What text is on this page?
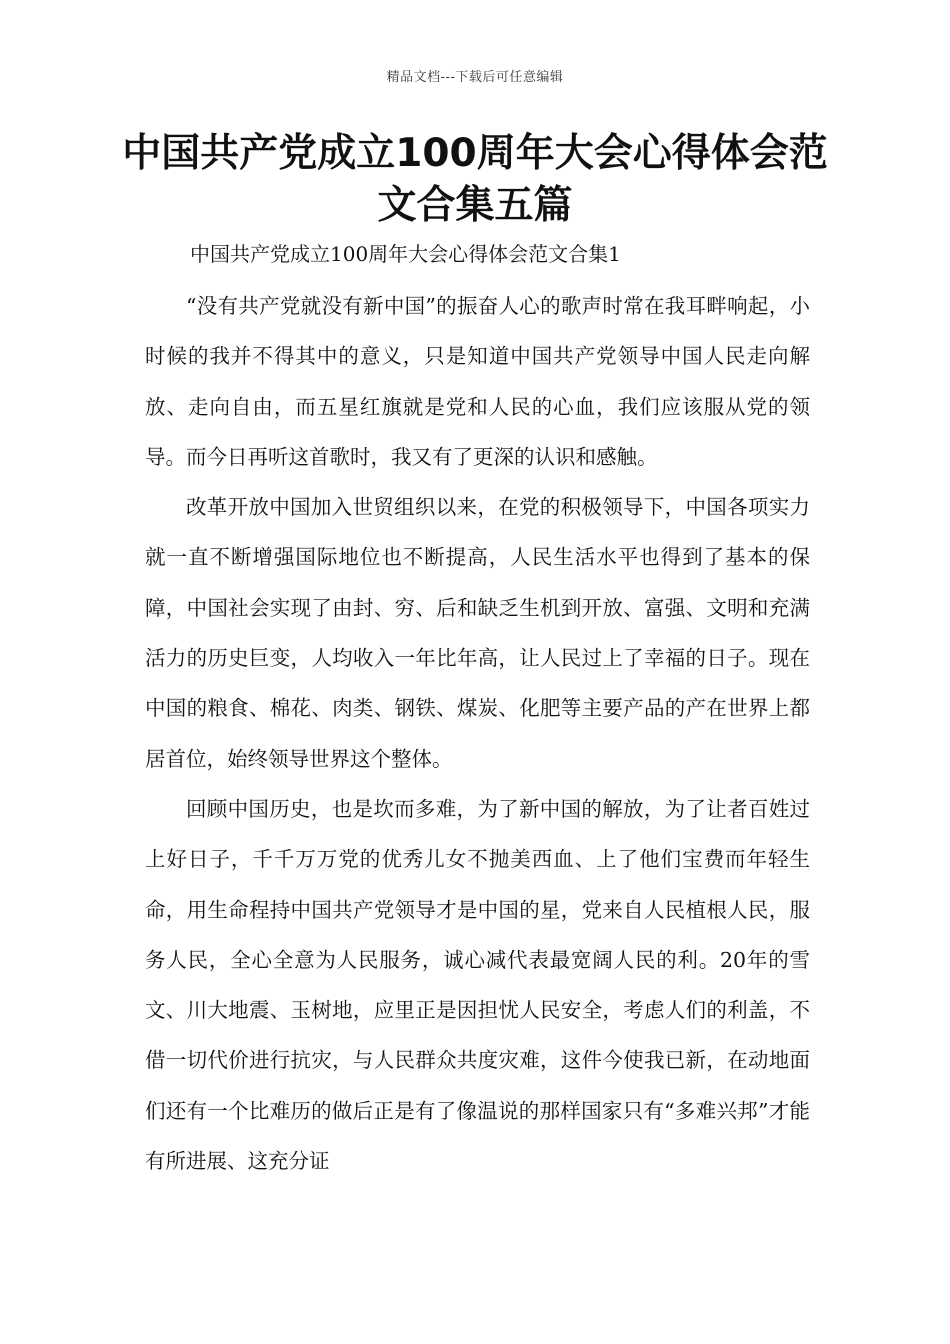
精品文档---下载后可任意编辑
中国共产党成立100周年大会心得体会范文合集五篇

中国共产党成立100周年大会心得体会范文合集1

“没有共产党就没有新中国”的振奋人心的歌声时常在我耳畔响起，小时候的我并不得其中的意义，只是知道中国共产党领导中国人民走向解放、走向自由，而五星红旗就是党和人民的心血，我们应该服从党的领导。而今日再听这首歌时，我又有了更深的认识和感触。

改革开放中国加入世贸组织以来，在党的积极领导下，中国各项实力就一直不断增强国际地位也不断提高，人民生活水平也得到了基本的保障，中国社会实现了由封、穷、后和缺乏生机到开放、富强、文明和充满活力的历史巨变，人均收入一年比年高，让人民过上了幸福的日子。现在中国的粮食、棉花、肉类、钢铁、煤炭、化肥等主要产品的产在世界上都居首位，始终领导世界这个整体。

回顾中国历史，也是坎而多难，为了新中国的解放，为了让者百姓过上好日子，千千万万党的优秀儿女不抛美西血、上了他们宝费而年轻生命，用生命程持中国共产党领导才是中国的星，党来自人民植根人民，服务人民，全心全意为人民服务，诚心减代表最宽阔人民的利。20年的雪文、川大地震、玉树地，应里正是因担忧人民安全，考虑人们的利盖，不借一切代价进行抗灾，与人民群众共度灾难，这件今使我已新，在动地面们还有一个比难历的做后正是有了像温说的那样国家只有“多难兴邦”才能有所进展、这充分证
